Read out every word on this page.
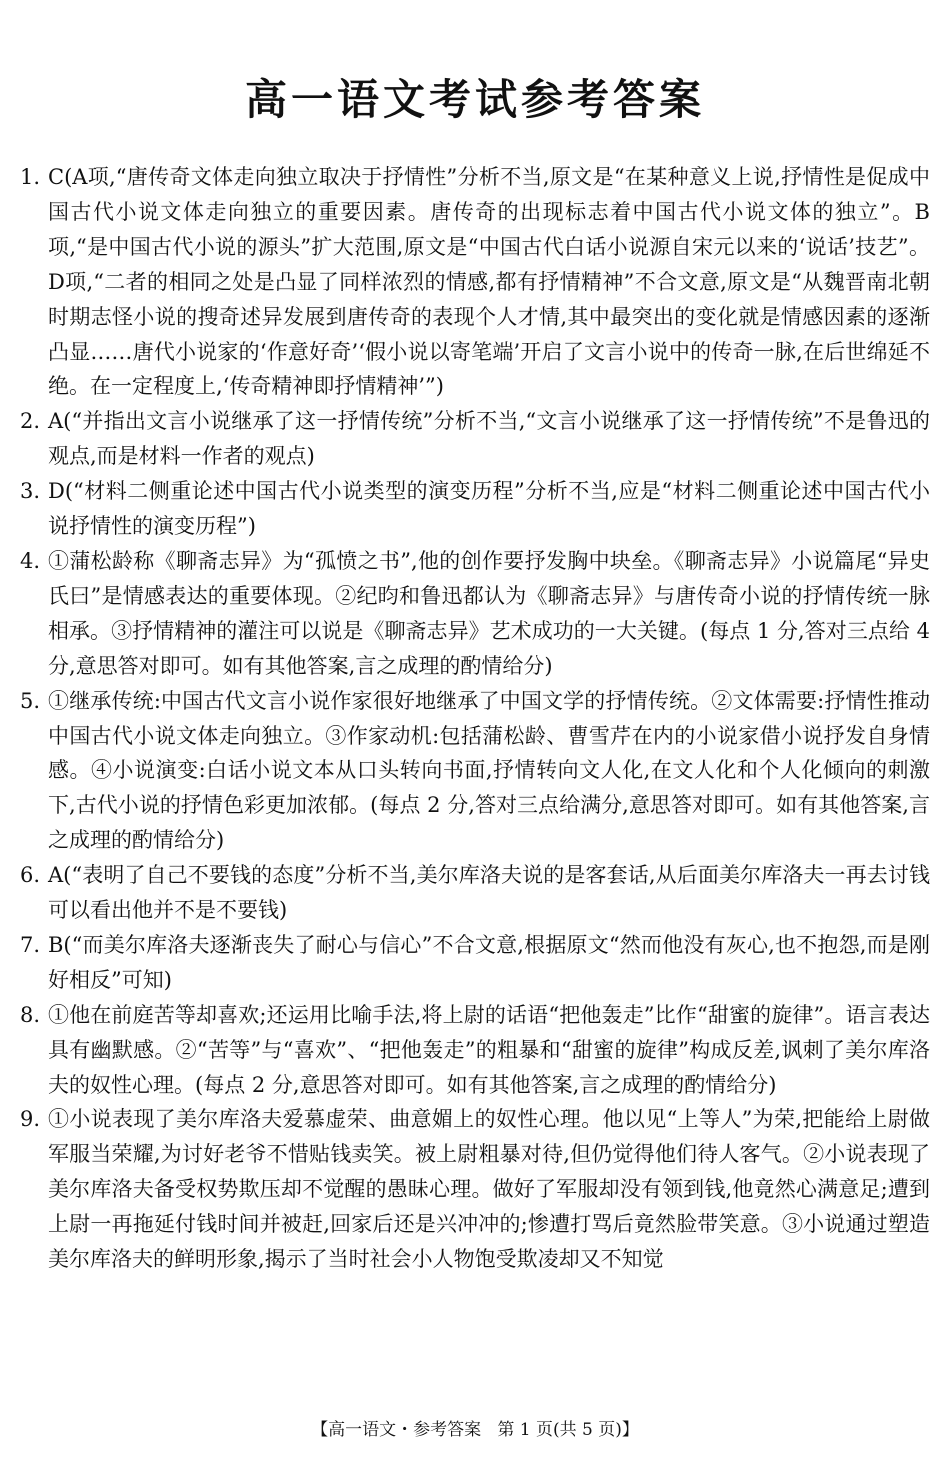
高一语文考试参考答案
1. C(A项,“唐传奇文体走向独立取决于抒情性”分析不当,原文是“在某种意义上说,抒情性是促成中国古代小说文体走向独立的重要因素。唐传奇的出现标志着中国古代小说文体的独立”。B项,“是中国古代小说的源头”扩大范围,原文是“中国古代白话小说源自宋元以来的‘说话’技艺”。D项,“二者的相同之处是凸显了同样浓烈的情感,都有抒情精神”不合文意,原文是“从魏晋南北朝时期志怪小说的搜奇述异发展到唐传奇的表现个人才情,其中最突出的变化就是情感因素的逐渐凸显……唐代小说家的‘作意好奇’‘假小说以寄笔端’开启了文言小说中的传奇一脉,在后世绵延不绝。在一定程度上,‘传奇精神即抒情精神’”)
2. A(“并指出文言小说继承了这一抒情传统”分析不当,“文言小说继承了这一抒情传统”不是鲁迅的观点,而是材料一作者的观点)
3. D(“材料二侧重论述中国古代小说类型的演变历程”分析不当,应是“材料二侧重论述中国古代小说抒情性的演变历程”)
4. ①蒲松龄称《聊斋志异》为“孤愤之书”,他的创作要抒发胸中块垒。《聊斋志异》小说篇尾“异史氏曰”是情感表达的重要体现。②纪昀和鲁迅都认为《聊斋志异》与唐传奇小说的抒情传统一脉相承。③抒情精神的灌注可以说是《聊斋志异》艺术成功的一大关键。(每点 1 分,答对三点给 4 分,意思答对即可。如有其他答案,言之成理的酌情给分)
5. ①继承传统:中国古代文言小说作家很好地继承了中国文学的抒情传统。②文体需要:抒情性推动中国古代小说文体走向独立。③作家动机:包括蒲松龄、曹雪芹在内的小说家借小说抒发自身情感。④小说演变:白话小说文本从口头转向书面,抒情转向文人化,在文人化和个人化倾向的刺激下,古代小说的抒情色彩更加浓郁。(每点 2 分,答对三点给满分,意思答对即可。如有其他答案,言之成理的酌情给分)
6. A(“表明了自己不要钱的态度”分析不当,美尔库洛夫说的是客套话,从后面美尔库洛夫一再去讨钱可以看出他并不是不要钱)
7. B(“而美尔库洛夫逐渐丧失了耐心与信心”不合文意,根据原文“然而他没有灰心,也不抱怨,而是刚好相反”可知)
8. ①他在前庭苦等却喜欢;还运用比喻手法,将上尉的话语“把他轰走”比作“甜蜜的旋律”。语言表达具有幽默感。②“苦等”与“喜欢”、“把他轰走”的粗暴和“甜蜜的旋律”构成反差,讽刺了美尔库洛夫的奴性心理。(每点 2 分,意思答对即可。如有其他答案,言之成理的酌情给分)
9. ①小说表现了美尔库洛夫爱慕虚荣、曲意媚上的奴性心理。他以见“上等人”为荣,把能给上尉做军服当荣耀,为讨好老爷不惜贴钱卖笑。被上尉粗暴对待,但仍觉得他们待人客气。②小说表现了美尔库洛夫备受权势欺压却不觉醒的愚昧心理。做好了军服却没有领到钱,他竟然心满意足;遭到上尉一再拖延付钱时间并被赶,回家后还是兴冲冲的;惨遭打骂后竟然脸带笑意。③小说通过塑造美尔库洛夫的鲜明形象,揭示了当时社会小人物饱受欺凌却又不知觉
【高一语文・参考答案   第 1 页(共 5 页)】
